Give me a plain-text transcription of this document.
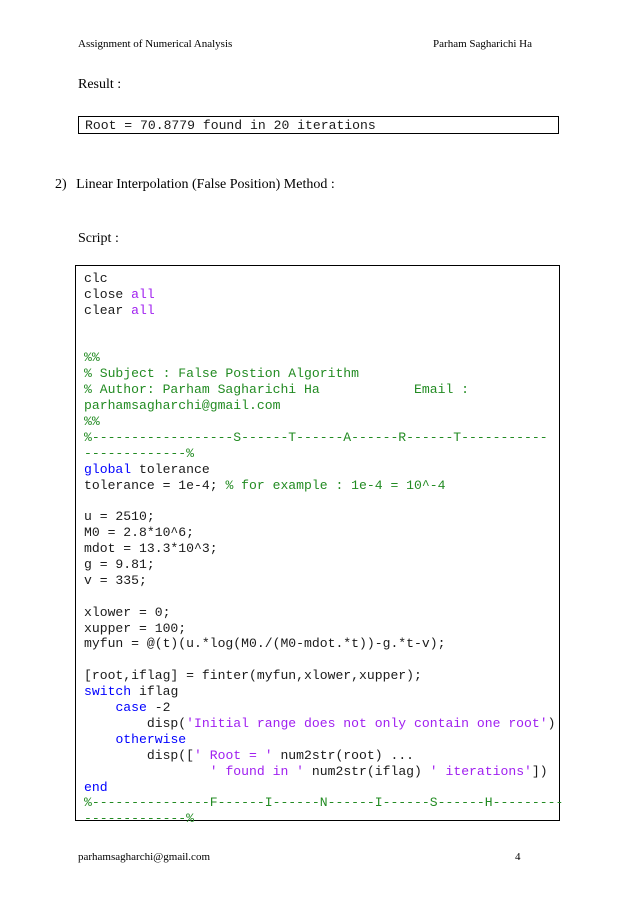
Assignment of Numerical Analysis	Parham Sagharichi Ha
Result :
Root = 70.8779 found in 20 iterations
2) Linear Interpolation (False Position) Method :
Script :
clc
close all
clear all
%%
% Subject : False Postion Algorithm
% Author: Parham Sagharichi Ha            Email :
parhamsagharchi@gmail.com
%%
%------------------S------T------A------R------T-----------
-------------%
global tolerance
tolerance = 1e-4; % for example : 1e-4 = 10^-4
u = 2510;
M0 = 2.8*10^6;
mdot = 13.3*10^3;
g = 9.81;
v = 335;
xlower = 0;
xupper = 100;
myfun = @(t)(u.*log(M0./(M0-mdot.*t))-g.*t-v);
[root,iflag] = finter(myfun,xlower,xupper);
switch iflag
case -2
disp('Initial range does not only contain one root')
otherwise
disp([' Root = ' num2str(root) ...
' found in ' num2str(iflag) ' iterations'])
end
%---------------F------I------N------I------S------H---------
-------------%
parhamsagharchi@gmail.com	4
